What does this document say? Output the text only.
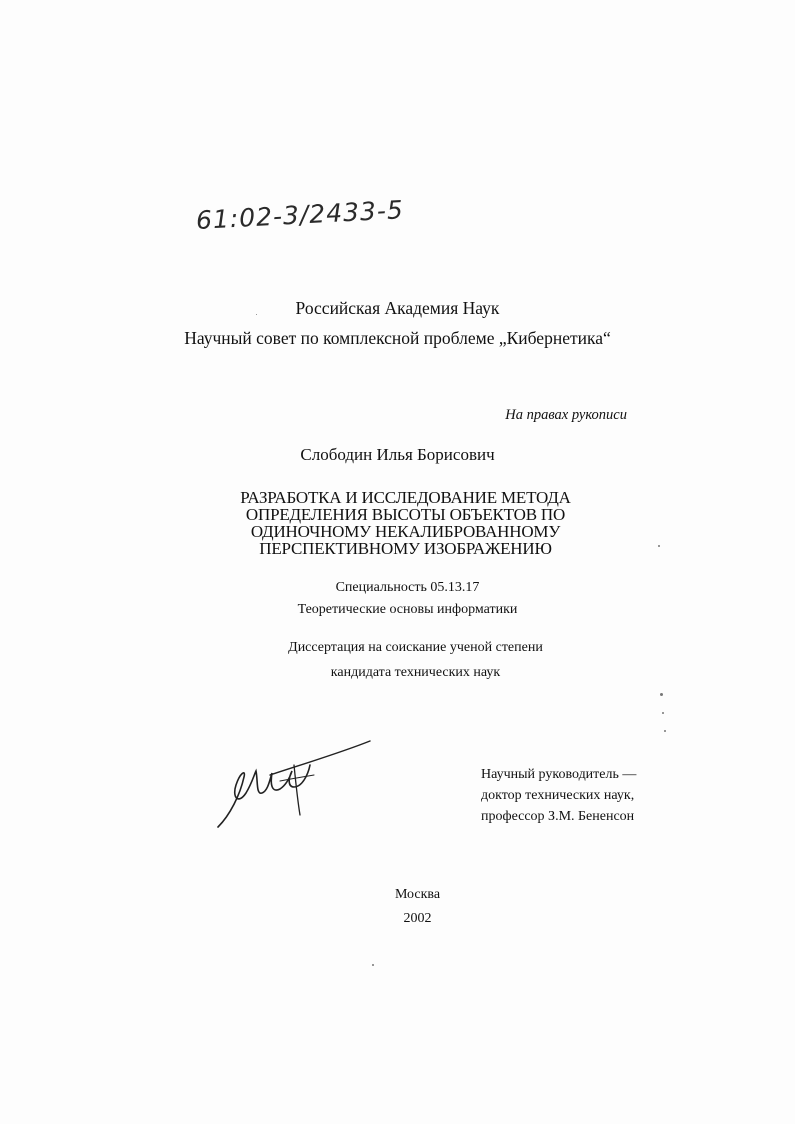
61:02-3/2433-5
Российская Академия Наук
Научный совет по комплексной проблеме „Кибернетика“
На правах рукописи
Слободин Илья Борисович
РАЗРАБОТКА И ИССЛЕДОВАНИЕ МЕТОДА
ОПРЕДЕЛЕНИЯ ВЫСОТЫ ОБЪЕКТОВ ПО
ОДИНОЧНОМУ НЕКАЛИБРОВАННОМУ
ПЕРСПЕКТИВНОМУ ИЗОБРАЖЕНИЮ
Специальность 05.13.17
Теоретические основы информатики
Диссертация на соискание ученой степени
кандидата технических наук
Научный руководитель —
доктор технических наук,
профессор З.М. Бененсон
Москва
2002
